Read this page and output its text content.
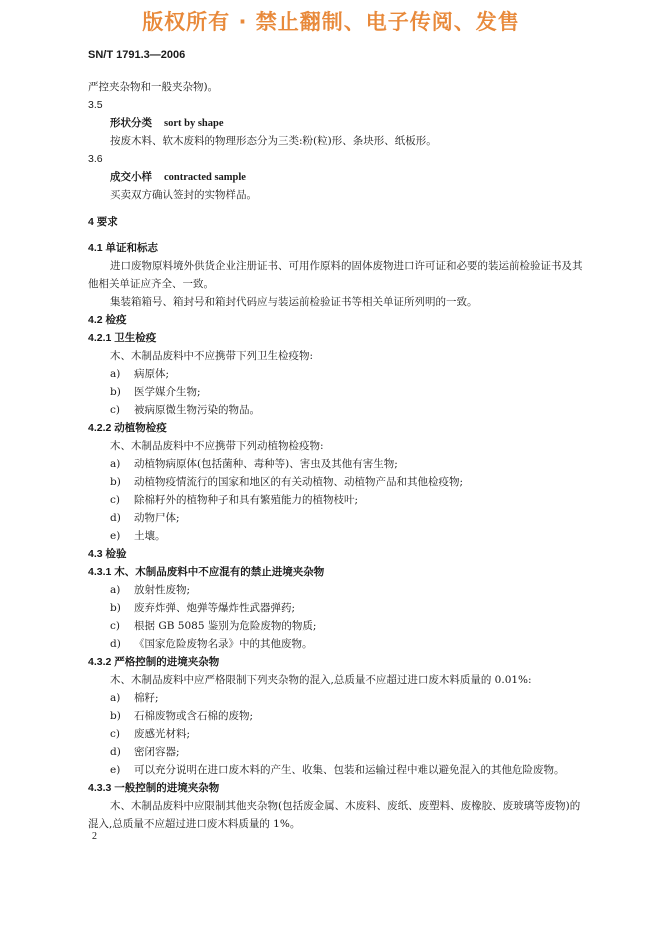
版权所有 · 禁止翻制、电子传阅、发售
SN/T 1791.3—2006
严控夹杂物和一般夹杂物)。
3.5
形状分类 sort by shape
按废木料、软木废料的物理形态分为三类:粉(粒)形、条块形、纸板形。
3.6
成交小样 contracted sample
买卖双方确认签封的实物样品。
4 要求
4.1 单证和标志
进口废物原料境外供货企业注册证书、可用作原料的固体废物进口许可证和必要的装运前检验证书及其他相关单证应齐全、一致。
集装箱箱号、箱封号和箱封代码应与装运前检验证书等相关单证所列明的一致。
4.2 检疫
4.2.1 卫生检疫
木、木制品废料中不应携带下列卫生检疫物:
a) 病原体;
b) 医学媒介生物;
c) 被病原微生物污染的物品。
4.2.2 动植物检疫
木、木制品废料中不应携带下列动植物检疫物:
a) 动植物病原体(包括菌种、毒种等)、害虫及其他有害生物;
b) 动植物疫情流行的国家和地区的有关动植物、动植物产品和其他检疫物;
c) 除棉籽外的植物种子和具有繁殖能力的植物枝叶;
d) 动物尸体;
e) 土壤。
4.3 检验
4.3.1 木、木制品废料中不应混有的禁止进境夹杂物
a) 放射性废物;
b) 废弃炸弹、炮弹等爆炸性武器弹药;
c) 根据 GB 5085 鉴别为危险废物的物质;
d) 《国家危险废物名录》中的其他废物。
4.3.2 严格控制的进境夹杂物
木、木制品废料中应严格限制下列夹杂物的混入,总质量不应超过进口废木料质量的 0.01%:
a) 棉籽;
b) 石棉废物或含石棉的废物;
c) 废感光材料;
d) 密闭容器;
e) 可以充分说明在进口废木料的产生、收集、包装和运输过程中难以避免混入的其他危险废物。
4.3.3 一般控制的进境夹杂物
木、木制品废料中应限制其他夹杂物(包括废金属、木废料、废纸、废塑料、废橡胶、废玻璃等废物)的混入,总质量不应超过进口废木料质量的 1%。
2
